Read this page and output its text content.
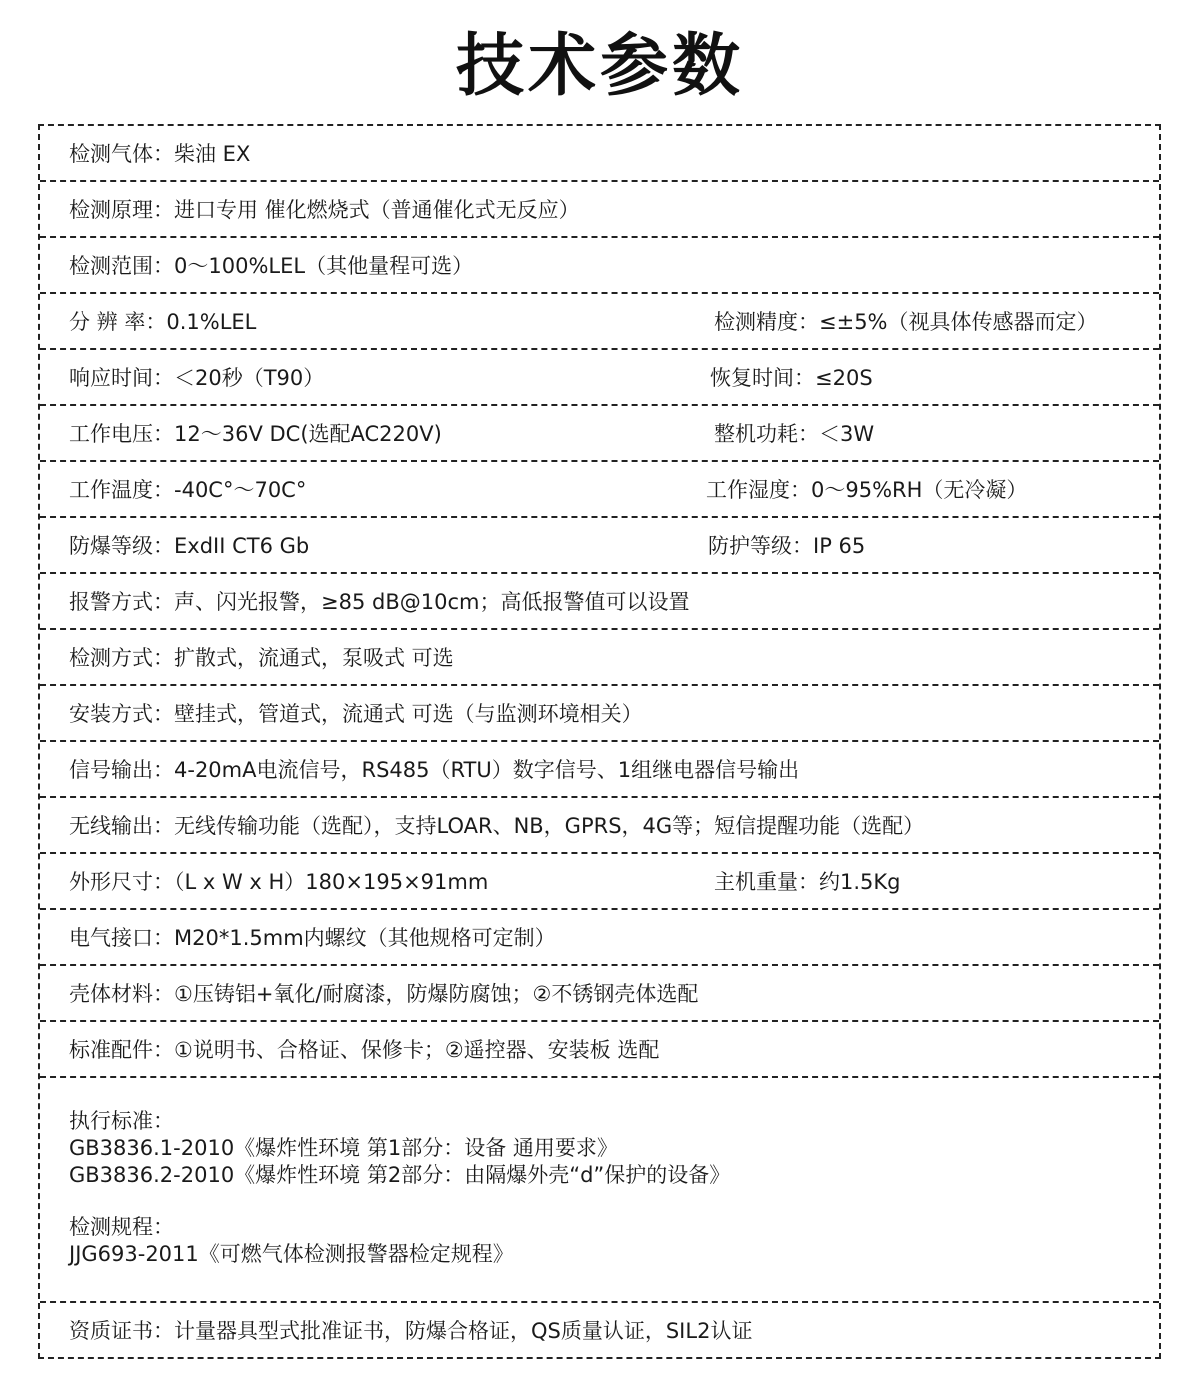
技术参数
检测气体：柴油 EX
检测原理：进口专用 催化燃烧式（普通催化式无反应）
检测范围：0～100%LEL（其他量程可选）
分 辨 率：0.1%LEL	检测精度：≤±5%（视具体传感器而定）
响应时间：＜20秒（T90）	恢复时间：≤20S
工作电压：12～36V DC(选配AC220V)	整机功耗：＜3W
工作温度：-40C°～70C°	工作湿度：0～95%RH（无冷凝）
防爆等级：ExdII CT6 Gb	防护等级：IP 65
报警方式：声、闪光报警，≥85 dB@10cm；高低报警值可以设置
检测方式：扩散式，流通式，泵吸式 可选
安装方式：壁挂式，管道式，流通式 可选（与监测环境相关）
信号输出：4-20mA电流信号，RS485（RTU）数字信号、1组继电器信号输出
无线输出：无线传输功能（选配），支持LOAR、NB，GPRS，4G等；短信提醒功能（选配）
外形尺寸：（L x W x H）180×195×91mm	主机重量：约1.5Kg
电气接口：M20*1.5mm内螺纹（其他规格可定制）
壳体材料：①压铸铝+氧化/耐腐漆，防爆防腐蚀；②不锈钢壳体选配
标准配件：①说明书、合格证、保修卡；②遥控器、安装板 选配
执行标准：
GB3836.1-2010《爆炸性环境 第1部分：设备 通用要求》
GB3836.2-2010《爆炸性环境 第2部分：由隔爆外壳“d”保护的设备》
检测规程：
JJG693-2011《可燃气体检测报警器检定规程》
资质证书：计量器具型式批准证书，防爆合格证，QS质量认证，SIL2认证
